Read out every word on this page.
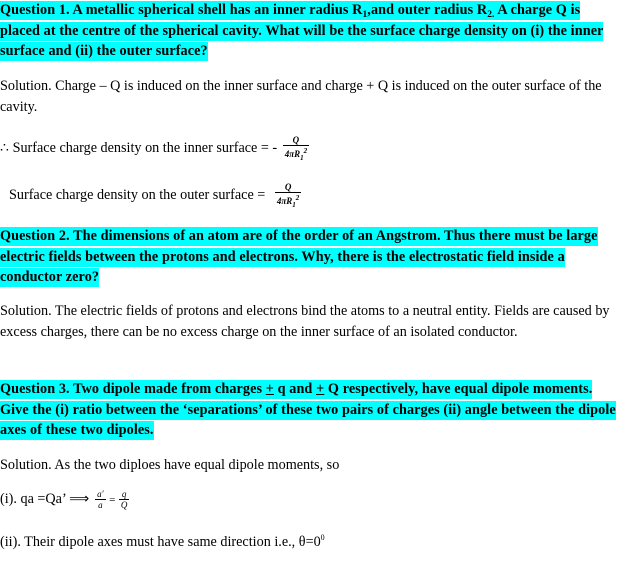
Question 1. A metallic spherical shell has an inner radius $R_1,and$ outer radius $R_{2.}$ A charge Q is placed at the centre of the spherical cavity. What will be the surface charge density on (i) the inner surface and (ii) the outer surface?
Solution. Charge – Q is induced on the inner surface and charge + Q is induced on the outer surface of the cavity.
∴ Surface charge density on the inner surface = - $\frac{Q}{4\pi R_1^2}$
Surface charge density on the outer surface = $\frac{Q}{4\pi R_1^2}$
Question 2. The dimensions of an atom are of the order of an Angstrom. Thus there must be large electric fields between the protons and electrons. Why, there is the electrostatic field inside a conductor zero?
Solution. The electric fields of protons and electrons bind the atoms to a neutral entity. Fields are caused by excess charges, there can be no excess charge on the inner surface of an isolated conductor.
Question 3. Two dipole made from charges + q and + Q respectively, have equal dipole moments. Give the (i) ratio between the ‘separations’ of these two pairs of charges (ii) angle between the dipole axes of these two dipoles.
Solution. As the two diploes have equal dipole moments, so
(i). qa =Qa’ ⟹ $\frac{a'}{a} = \frac{q}{Q}$
(ii). Their dipole axes must have same direction i.e., $\theta=0^0$
